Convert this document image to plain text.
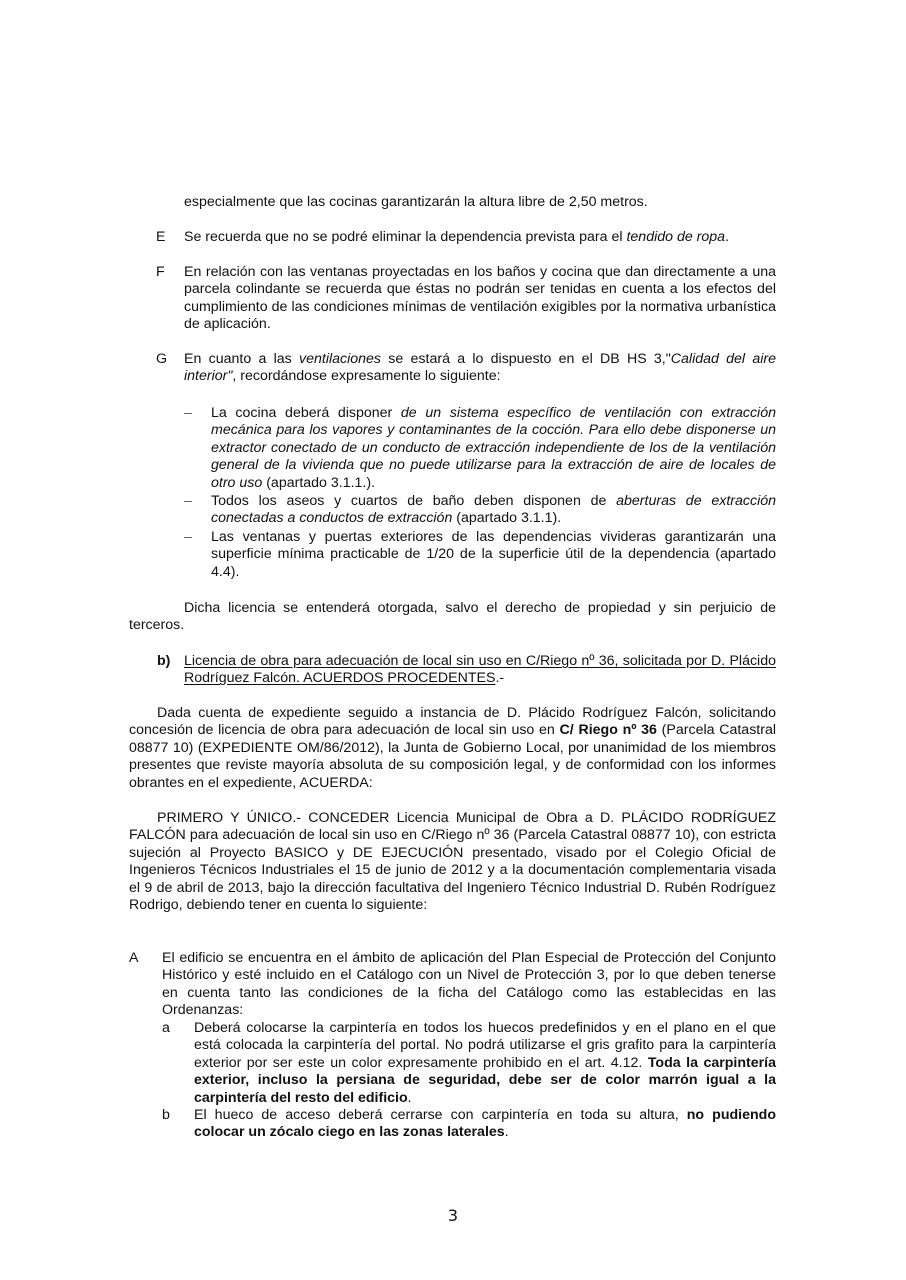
especialmente que las cocinas garantizarán la altura libre de 2,50 metros.
E Se recuerda que no se podré eliminar la dependencia prevista para el tendido de ropa.
F En relación con las ventanas proyectadas en los baños y cocina que dan directamente a una parcela colindante se recuerda que éstas no podrán ser tenidas en cuenta a los efectos del cumplimiento de las condiciones mínimas de ventilación exigibles por la normativa urbanística de aplicación.
G En cuanto a las ventilaciones se estará a lo dispuesto en el DB HS 3,"Calidad del aire interior", recordándose expresamente lo siguiente:
– La cocina deberá disponer de un sistema específico de ventilación con extracción mecánica para los vapores y contaminantes de la cocción. Para ello debe disponerse un extractor conectado de un conducto de extracción independiente de los de la ventilación general de la vivienda que no puede utilizarse para la extracción de aire de locales de otro uso (apartado 3.1.1.).
– Todos los aseos y cuartos de baño deben disponen de aberturas de extracción conectadas a conductos de extracción (apartado 3.1.1).
– Las ventanas y puertas exteriores de las dependencias vivideras garantizarán una superficie mínima practicable de 1/20 de la superficie útil de la dependencia (apartado 4.4).
Dicha licencia se entenderá otorgada, salvo el derecho de propiedad y sin perjuicio de terceros.
b) Licencia de obra para adecuación de local sin uso en C/Riego nº 36, solicitada por D. Plácido Rodríguez Falcón. ACUERDOS PROCEDENTES.-
Dada cuenta de expediente seguido a instancia de D. Plácido Rodríguez Falcón, solicitando concesión de licencia de obra para adecuación de local sin uso en C/ Riego nº 36 (Parcela Catastral 08877 10) (EXPEDIENTE OM/86/2012), la Junta de Gobierno Local, por unanimidad de los miembros presentes que reviste mayoría absoluta de su composición legal, y de conformidad con los informes obrantes en el expediente, ACUERDA:
PRIMERO Y ÚNICO.- CONCEDER Licencia Municipal de Obra a D. PLÁCIDO RODRÍGUEZ FALCÓN para adecuación de local sin uso en C/Riego nº 36 (Parcela Catastral 08877 10), con estricta sujeción al Proyecto BASICO y DE EJECUCIÓN presentado, visado por el Colegio Oficial de Ingenieros Técnicos Industriales el 15 de junio de 2012 y a la documentación complementaria visada el 9 de abril de 2013, bajo la dirección facultativa del Ingeniero Técnico Industrial D. Rubén Rodríguez Rodrigo, debiendo tener en cuenta lo siguiente:
A El edificio se encuentra en el ámbito de aplicación del Plan Especial de Protección del Conjunto Histórico y esté incluido en el Catálogo con un Nivel de Protección 3, por lo que deben tenerse en cuenta tanto las condiciones de la ficha del Catálogo como las establecidas en las Ordenanzas:
a Deberá colocarse la carpintería en todos los huecos predefinidos y en el plano en el que está colocada la carpintería del portal. No podrá utilizarse el gris grafito para la carpintería exterior por ser este un color expresamente prohibido en el art. 4.12. Toda la carpintería exterior, incluso la persiana de seguridad, debe ser de color marrón igual a la carpintería del resto del edificio.
b El hueco de acceso deberá cerrarse con carpintería en toda su altura, no pudiendo colocar un zócalo ciego en las zonas laterales.
3
